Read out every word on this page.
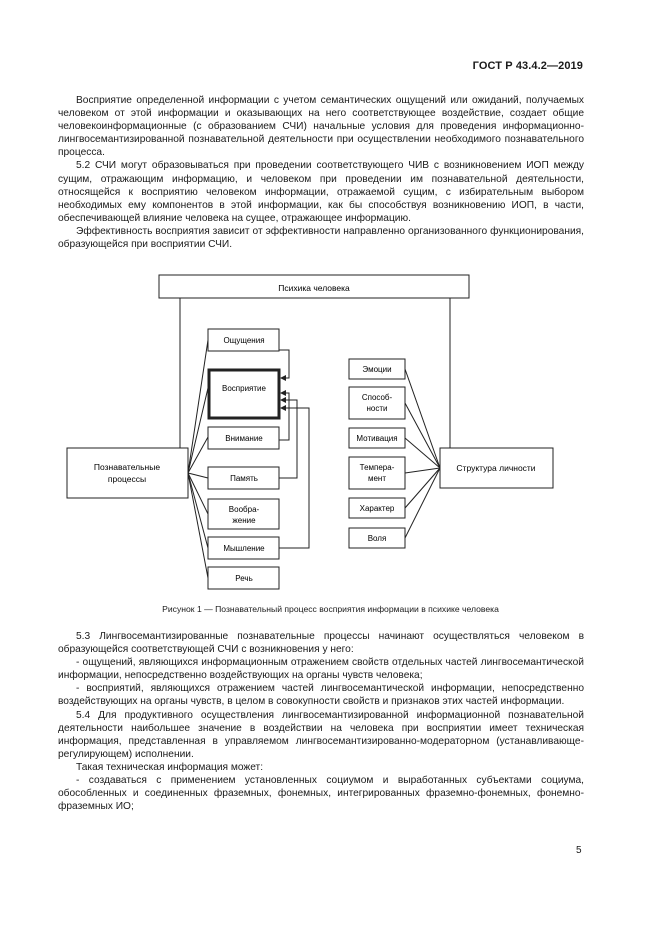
ГОСТ Р 43.4.2—2019

Восприятие определенной информации с учетом семантических ощущений или ожиданий, получаемых человеком от этой информации и оказывающих на него соответствующее воздействие, создает общие человекоинформационные (с образованием СЧИ) начальные условия для проведения информационно-лингвосемантизированной познавательной деятельности при осуществлении необходимого познавательного процесса.

5.2 СЧИ могут образовываться при проведении соответствующего ЧИВ с возникновением ИОП между сущим, отражающим информацию, и человеком при проведении им познавательной деятельности, относящейся к восприятию человеком информации, отражаемой сущим, с избирательным выбором необходимых ему компонентов в этой информации, как бы способствуя возникновению ИОП, в части, обеспечивающей влияние человека на сущее, отражающее информацию.

Эффективность восприятия зависит от эффективности направленно организованного функционирования, образующейся при восприятии СЧИ.

Психика человека
Познавательные
процессы
Структура личности
Ощущения
Восприятие
Внимание
Память
Вообра-
жение
Мышление
Речь
Эмоции
Способ-
ности
Мотивация
Темпера-
мент
Характер
Воля
Рисунок 1 — Познавательный процесс восприятия информации в психике человека

5.3 Лингвосемантизированные познавательные процессы начинают осуществляться человеком в образующейся соответствующей СЧИ с возникновения у него:

- ощущений, являющихся информационным отражением свойств отдельных частей лингвосемантической информации, непосредственно воздействующих на органы чувств человека;

- восприятий, являющихся отражением частей лингвосемантической информации, непосредственно воздействующих на органы чувств, в целом в совокупности свойств и признаков этих частей информации.

5.4 Для продуктивного осуществления лингвосемантизированной информационной познавательной деятельности наибольшее значение в воздействии на человека при восприятии имеет техническая информация, представленная в управляемом лингвосемантизированно-модераторном (устанавливающе-регулирующем) исполнении.

Такая техническая информация может:

- создаваться с применением установленных социумом и выработанных субъектами социума, обособленных и соединенных фраземных, фонемных, интегрированных фраземно-фонемных, фонемно-фраземных ИО;

5
